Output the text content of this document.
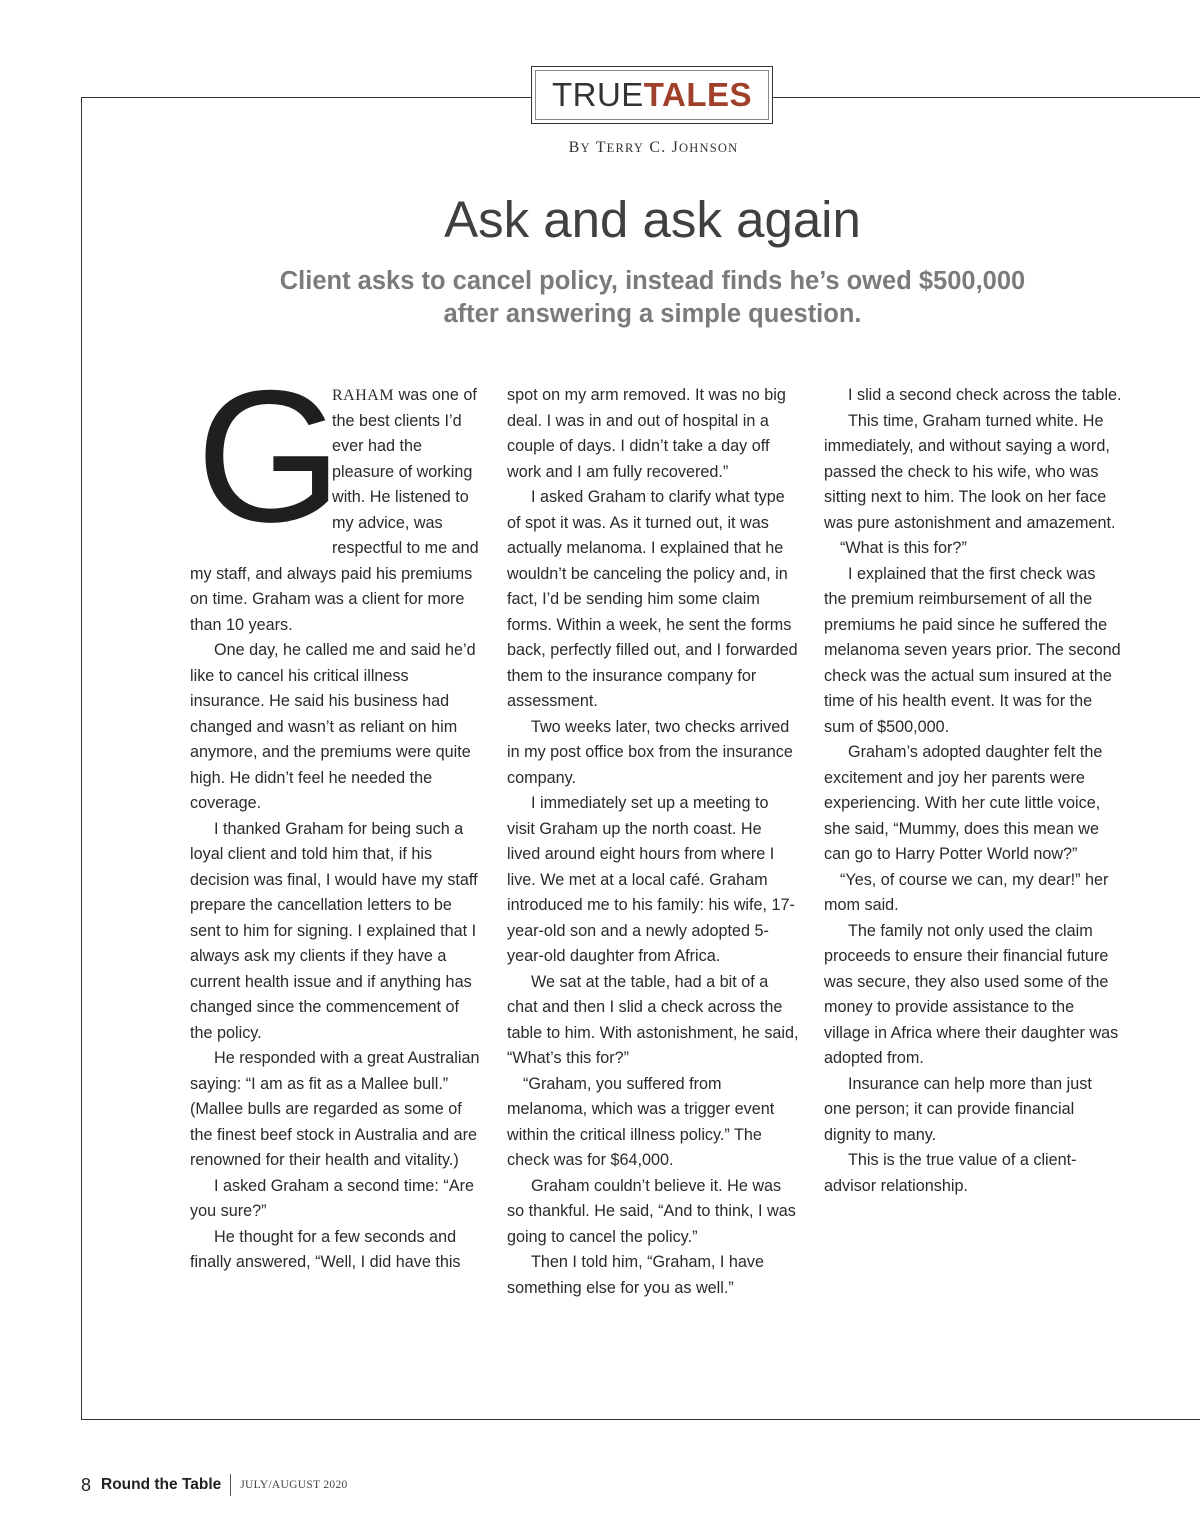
TRUE TALES
BY TERRY C. JOHNSON
Ask and ask again
Client asks to cancel policy, instead finds he’s owed $500,000 after answering a simple question.
G

RAHAM was one of the best clients I’d ever had the pleasure of working with. He listened to my advice, was respectful to me and my staff, and always paid his premiums on time. Graham was a client for more than 10 years.

One day, he called me and said he’d like to cancel his critical illness insurance. He said his business had changed and wasn’t as reliant on him anymore, and the premiums were quite high. He didn’t feel he needed the coverage.

I thanked Graham for being such a loyal client and told him that, if his decision was final, I would have my staff prepare the cancellation letters to be sent to him for signing. I explained that I always ask my clients if they have a current health issue and if anything has changed since the commencement of the policy.

He responded with a great Australian saying: “I am as fit as a Mallee bull.” (Mallee bulls are regarded as some of the finest beef stock in Australia and are renowned for their health and vitality.)

I asked Graham a second time: “Are you sure?”

He thought for a few seconds and finally answered, “Well, I did have this

spot on my arm removed. It was no big deal. I was in and out of hospital in a couple of days. I didn’t take a day off work and I am fully recovered.”

I asked Graham to clarify what type of spot it was. As it turned out, it was actually melanoma. I explained that he wouldn’t be canceling the policy and, in fact, I’d be sending him some claim forms. Within a week, he sent the forms back, perfectly filled out, and I forwarded them to the insurance company for assessment.

Two weeks later, two checks arrived in my post office box from the insurance company.

I immediately set up a meeting to visit Graham up the north coast. He lived around eight hours from where I live. We met at a local café. Graham introduced me to his family: his wife, 17-year-old son and a newly adopted 5-year-old daughter from Africa.

We sat at the table, had a bit of a chat and then I slid a check across the table to him. With astonishment, he said, “What’s this for?”

“Graham, you suffered from melanoma, which was a trigger event within the critical illness policy.” The check was for $64,000.

Graham couldn’t believe it. He was so thankful. He said, “And to think, I was going to cancel the policy.”

Then I told him, “Graham, I have something else for you as well.”

I slid a second check across the table.

This time, Graham turned white. He immediately, and without saying a word, passed the check to his wife, who was sitting next to him. The look on her face was pure astonishment and amazement.

“What is this for?”

I explained that the first check was the premium reimbursement of all the premiums he paid since he suffered the melanoma seven years prior. The second check was the actual sum insured at the time of his health event. It was for the sum of $500,000.

Graham’s adopted daughter felt the excitement and joy her parents were experiencing. With her cute little voice, she said, “Mummy, does this mean we can go to Harry Potter World now?”

“Yes, of course we can, my dear!” her mom said.

The family not only used the claim proceeds to ensure their financial future was secure, they also used some of the money to provide assistance to the village in Africa where their daughter was adopted from.

Insurance can help more than just one person; it can provide financial dignity to many.

This is the true value of a client-advisor relationship.

8 Round the Table JULY/AUGUST 2020
